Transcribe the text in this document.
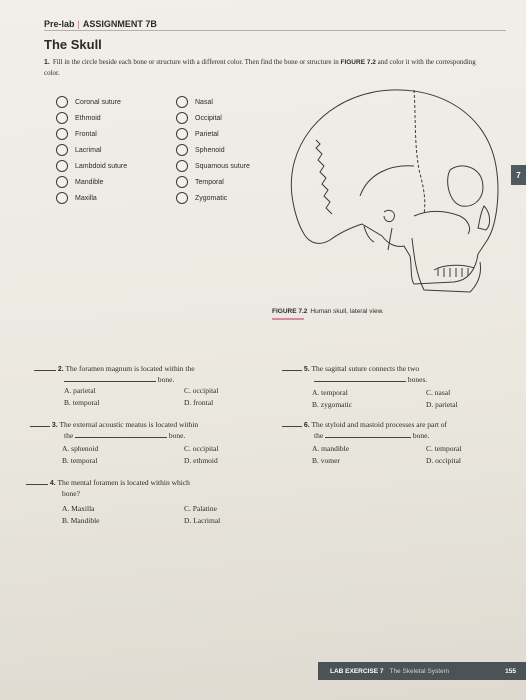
Pre-lab | ASSIGNMENT 7B
The Skull
1. Fill in the circle beside each bone or structure with a different color. Then find the bone or structure in FIGURE 7.2 and color it with the corresponding color.
Coronal suture
Ethmoid
Frontal
Lacrimal
Lambdoid suture
Mandible
Maxilla
Nasal
Occipital
Parietal
Sphenoid
Squamous suture
Temporal
Zygomatic
7
FIGURE 7.2 Human skull, lateral view.
2. The foramen magnum is located within the
bone.
A. parietal
B. temporal
C. occipital
D. frontal
3. The external acoustic meatus is located within
the	bone.
A. sphenoid
B. temporal
C. occipital
D. ethmoid
4. The mental foramen is located within which
bone?
A. Maxilla
B. Mandible
C. Palatine
D. Lacrimal
5. The sagittal suture connects the two
bones.
A. temporal
B. zygomatic
C. nasal
D. parietal
6. The styloid and mastoid processes are part of
the	bone.
A. mandible
B. vomer
C. temporal
D. occipital
LAB EXERCISE 7 The Skeletal System	155
